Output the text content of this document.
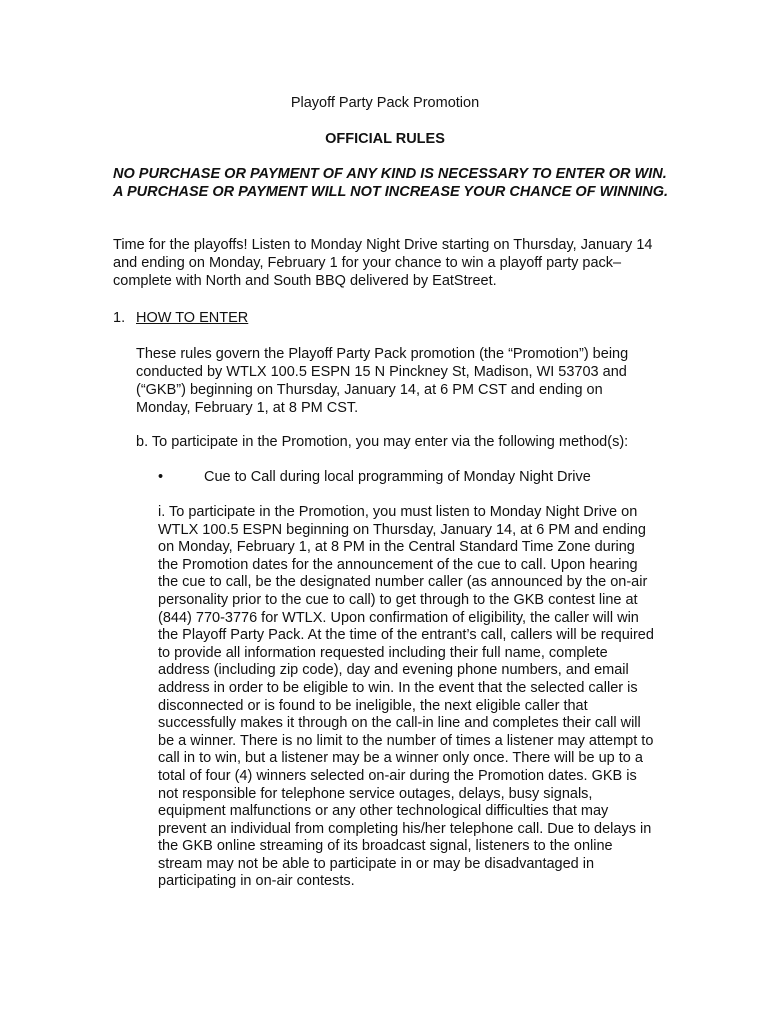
Playoff Party Pack Promotion
OFFICIAL RULES
NO PURCHASE OR PAYMENT OF ANY KIND IS NECESSARY TO ENTER OR WIN. A PURCHASE OR PAYMENT WILL NOT INCREASE YOUR CHANCE OF WINNING.
Time for the playoffs! Listen to Monday Night Drive starting on Thursday, January 14 and ending on Monday, February 1 for your chance to win a playoff party pack– complete with North and South BBQ delivered by EatStreet.
1. HOW TO ENTER
These rules govern the Playoff Party Pack promotion (the “Promotion”) being conducted by WTLX 100.5 ESPN 15 N Pinckney St, Madison, WI 53703 and (“GKB”) beginning on Thursday, January 14, at 6 PM CST and ending on Monday, February 1, at 8 PM CST.
b. To participate in the Promotion, you may enter via the following method(s):
•	Cue to Call during local programming of Monday Night Drive
i. To participate in the Promotion, you must listen to Monday Night Drive on WTLX 100.5 ESPN beginning on Thursday, January 14, at 6 PM and ending on Monday, February 1, at 8 PM in the Central Standard Time Zone during the Promotion dates for the announcement of the cue to call. Upon hearing the cue to call, be the designated number caller (as announced by the on-air personality prior to the cue to call) to get through to the GKB contest line at (844) 770-3776 for WTLX. Upon confirmation of eligibility, the caller will win the Playoff Party Pack. At the time of the entrant’s call, callers will be required to provide all information requested including their full name, complete address (including zip code), day and evening phone numbers, and email address in order to be eligible to win. In the event that the selected caller is disconnected or is found to be ineligible, the next eligible caller that successfully makes it through on the call-in line and completes their call will be a winner. There is no limit to the number of times a listener may attempt to call in to win, but a listener may be a winner only once. There will be up to a total of four (4) winners selected on-air during the Promotion dates. GKB is not responsible for telephone service outages, delays, busy signals, equipment malfunctions or any other technological difficulties that may prevent an individual from completing his/her telephone call. Due to delays in the GKB online streaming of its broadcast signal, listeners to the online stream may not be able to participate in or may be disadvantaged in participating in on-air contests.
